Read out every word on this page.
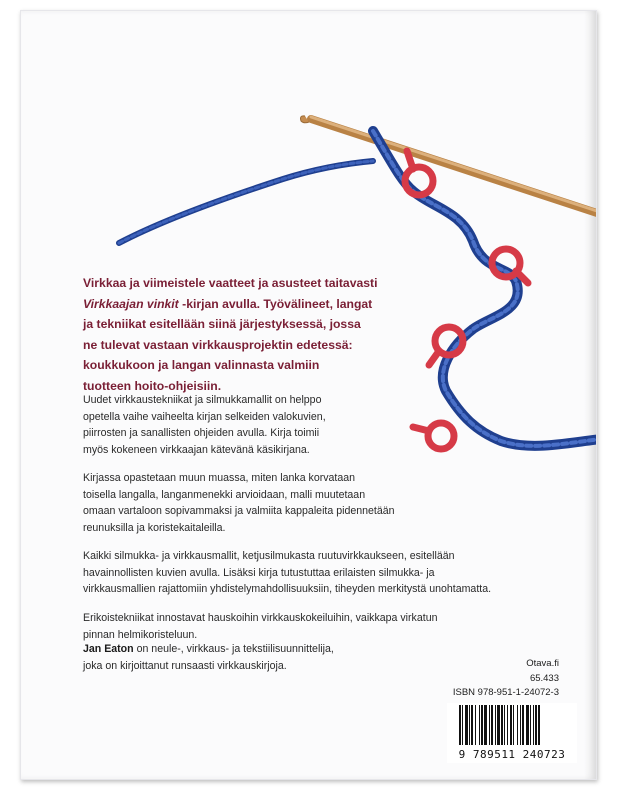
Virkkaa ja viimeistele vaatteet ja asusteet taitavasti
Virkkaajan vinkit -kirjan avulla. Työvälineet, langat
ja tekniikat esitellään siinä järjestyksessä, jossa
ne tulevat vastaan virkkausprojektin edetessä:
koukkukoon ja langan valinnasta valmiin
tuotteen hoito-ohjeisiin.

Uudet virkkaustekniikat ja silmukkamallit on helppo
opetella vaihe vaiheelta kirjan selkeiden valokuvien,
piirrosten ja sanallisten ohjeiden avulla. Kirja toimii
myös kokeneen virkkaajan kätevänä käsikirjana.

Kirjassa opastetaan muun muassa, miten lanka korvataan
toisella langalla, langanmenekki arvioidaan, malli muutetaan
omaan vartaloon sopivammaksi ja valmiita kappaleita pidennetään
reunuksilla ja koristekaitaleilla.

Kaikki silmukka- ja virkkausmallit, ketjusilmukasta ruutuvirkkaukseen, esitellään
havainnollisten kuvien avulla. Lisäksi kirja tutustuttaa erilaisten silmukka- ja
virkkausmallien rajattomiin yhdistelymahdollisuuksiin, tiheyden merkitystä unohtamatta.

Erikoistekniikat innostavat hauskoihin virkkauskokeiluihin, vaikkapa virkatun
pinnan helmikoristeluun.

Jan Eaton on neule-, virkkaus- ja tekstiilisuunnittelija,
joka on kirjoittanut runsaasti virkkauskirjoja.	Otava.fi
65.433
ISBN 978-951-1-24072-3
9 789511 240723
